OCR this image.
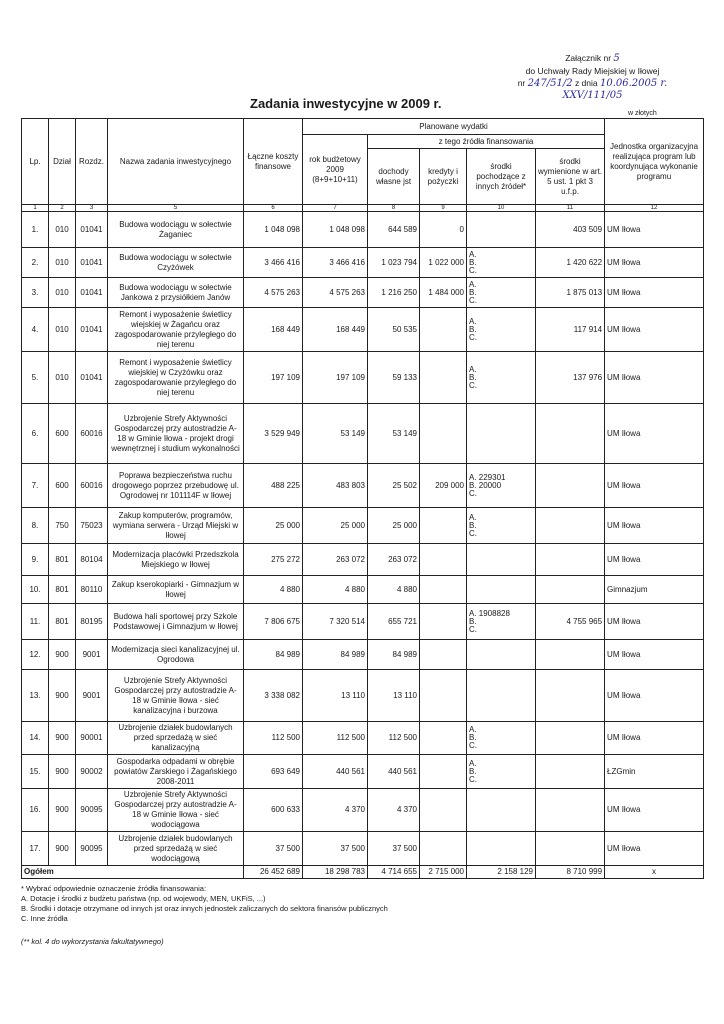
Załącznik nr 5
do Uchwały Rady Miejskiej w Iłowej
nr 247/51/2 z dnia 10.06.2005 r.
XXV/111/05
Zadania inwestycyjne w 2009 r.
w złotych
Lp.	Dział	Rozdz.	Nazwa zadania inwestycyjnego	Łączne koszty finansowe	Planowane wydatki					Jednostka organizacyjna realizująca program lub koordynująca wykonanie programu
					rok budżetowy 2009 (8+9+10+11)	z tego źródła finansowania				
						dochody własne jst	kredyty i pożyczki	środki pochodzące z innych źródeł*	środki wymienione w art. 5 ust. 1 pkt 3 u.f.p.	
1	2	3	5	6	7	8	9	10	11	12
1.	010	01041	Budowa wodociągu w sołectwie Żaganiec	1 048 098	1 048 098	644 589	0		403 509	UM Iłowa
2.	010	01041	Budowa wodociągu w sołectwie Czyżówek	3 466 416	3 466 416	1 023 794	1 022 000	A.
B.
C.	1 420 622	UM Iłowa
3.	010	01041	Budowa wodociągu w sołectwie Jankowa z przysiółkiem Janów	4 575 263	4 575 263	1 216 250	1 484 000	A.
B.
C.	1 875 013	UM Iłowa
4.	010	01041	Remont i wyposażenie świetlicy wiejskiej w Żagańcu oraz zagospodarowanie przyległego do niej terenu	168 449	168 449	50 535		A.
B.
C.	117 914	UM Iłowa
5.	010	01041	Remont i wyposażenie świetlicy wiejskiej w Czyżówku oraz zagospodarowanie przyległego do niej terenu	197 109	197 109	59 133		A.
B.
C.	137 976	UM Iłowa
6.	600	60016	Uzbrojenie Strefy Aktywności Gospodarczej przy autostradzie A-18 w Gminie Iłowa - projekt drogi wewnętrznej i studium wykonalności	3 529 949	53 149	53 149				UM Iłowa
7.	600	60016	Poprawa bezpieczeństwa ruchu drogowego poprzez przebudowę ul. Ogrodowej nr 101114F w Iłowej	488 225	483 803	25 502	209 000	A. 229301
B. 20000
C.		UM Iłowa
8.	750	75023	Zakup komputerów, programów, wymiana serwera - Urząd Miejski w Iłowej	25 000	25 000	25 000		A.
B.
C.		UM Iłowa
9.	801	80104	Modernizacja placówki Przedszkola Miejskiego w Iłowej	275 272	263 072	263 072				UM Iłowa
10.	801	80110	Zakup kserokopiarki - Gimnazjum w Iłowej	4 880	4 880	4 880				Gimnazjum
11.	801	80195	Budowa hali sportowej przy Szkole Podstawowej i Gimnazjum w Iłowej	7 806 675	7 320 514	655 721		A. 1908828
B.
C.	4 755 965	UM Iłowa
12.	900	9001	Modernizacja sieci kanalizacyjnej ul. Ogrodowa	84 989	84 989	84 989				UM Iłowa
13.	900	9001	Uzbrojenie Strefy Aktywności Gospodarczej przy autostradzie A-18 w Gminie Iłowa - sieć kanalizacyjna i burzowa	3 338 082	13 110	13 110				UM Iłowa
14.	900	90001	Uzbrojenie działek budowlanych przed sprzedażą w sieć kanalizacyjną	112 500	112 500	112 500		A.
B.
C.		UM Iłowa
15.	900	90002	Gospodarka odpadami w obrębie powiatów Żarskiego i Żagańskiego 2008-2011	693 649	440 561	440 561		A.
B.
C.		ŁZGmin
16.	900	90095	Uzbrojenie Strefy Aktywności Gospodarczej przy autostradzie A-18 w Gminie Iłowa - sieć wodociągowa	600 633	4 370	4 370				UM Iłowa
17.	900	90095	Uzbrojenie działek budowlanych przed sprzedażą w sieć wodociągową	37 500	37 500	37 500				UM Iłowa
Ogółem				26 452 689	18 298 783	4 714 655	2 715 000	2 158 129	8 710 999	x
* Wybrać odpowiednie oznaczenie źródła finansowania:
A. Dotacje i środki z budżetu państwa (np. od wojewody, MEN, UKFiS, ...)
B. Środki i dotacje otrzymane od innych jst oraz innych jednostek zaliczanych do sektora finansów publicznych
C. Inne źródła
(** kol. 4 do wykorzystania fakultatywnego)
